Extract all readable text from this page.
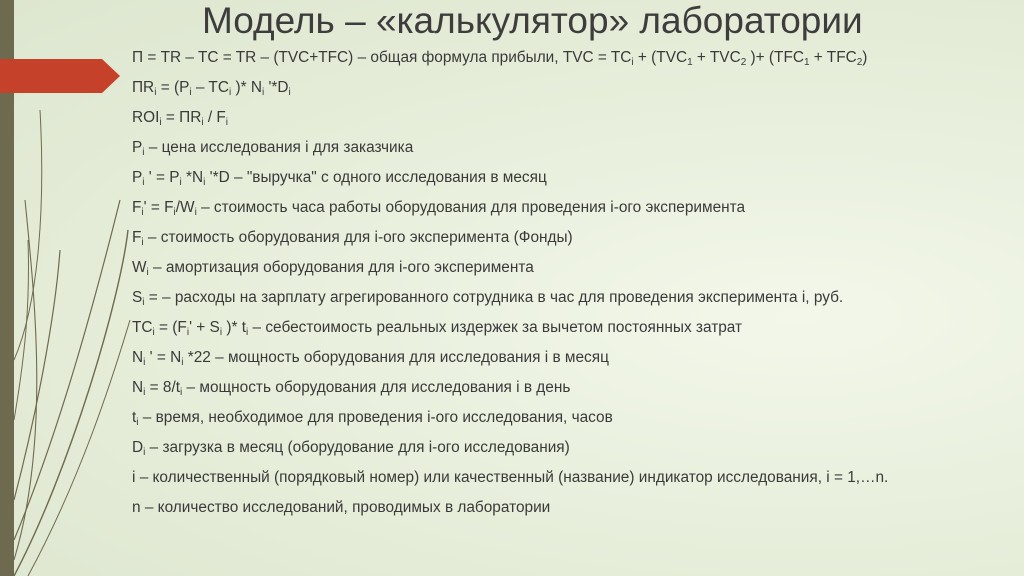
Модель – «калькулятор» лаборатории
П = TR – TC = TR – (TVC+TFC) – общая формула прибыли, TVC = $TC_i + (TVC_1 + TVC_2$ )+ $(TFC_1 + TFC_2)$
$ПR_i = (P_i - TC_i$ )* $N_i$ '$*D_i$
$ROI_i = ПR_i / F_i$
$P_i$ – цена исследования i для заказчика
$P_i$ ' = $P_i$ $*N_i$ '*D – "выручка" с одного исследования в месяц
$F_i' = F_i/W_i$ – стоимость часа работы оборудования для проведения i-ого эксперимента
$F_i$ – стоимость оборудования для i-ого эксперимента (Фонды)
$W_i$ – амортизация оборудования для i-ого эксперимента
$S_i$ = – расходы на зарплату агрегированного сотрудника в час для проведения эксперимента i, руб.
$TC_i = (F_i' + S_i$ )* $t_i$ – себестоимость реальных издержек за вычетом постоянных затрат
$N_i$ ' = $N_i$ *22 – мощность оборудования для исследования i в месяц
$N_i = 8/t_i$ – мощность оборудования для исследования i в день
$t_i$ – время, необходимое для проведения i-ого исследования, часов
$D_i$ – загрузка в месяц (оборудование для i-ого исследования)
i – количественный (порядковый номер) или качественный (название) индикатор исследования, i = 1,…n.
n – количество исследований, проводимых в лаборатории
